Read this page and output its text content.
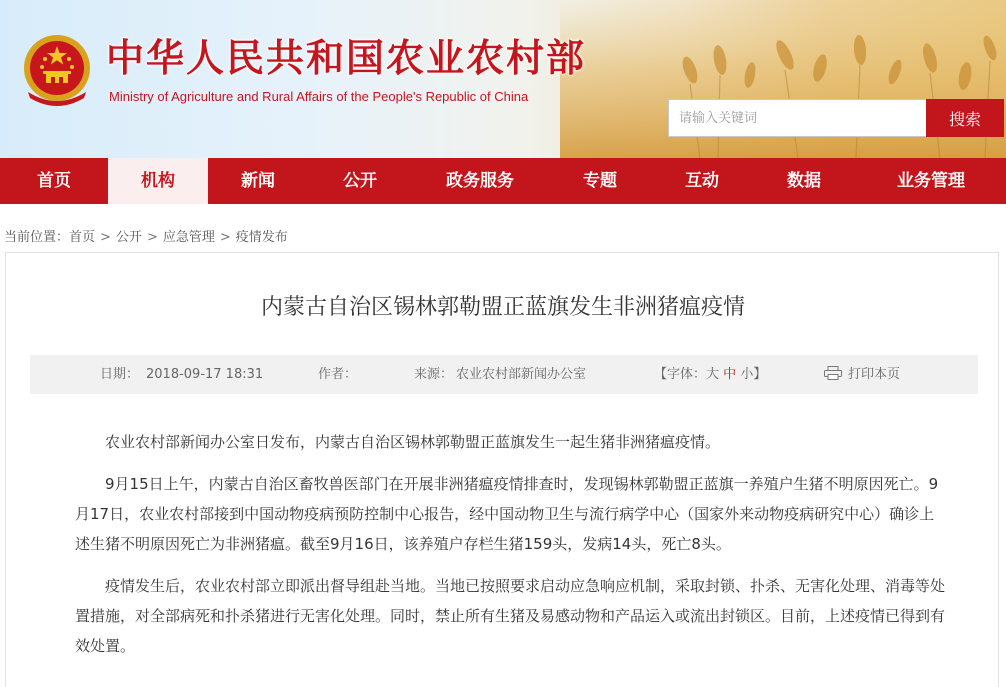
中华人民共和国农业农村部
Ministry of Agriculture and Rural Affairs of the People's Republic of China
请输入关键词
搜索
首页	机构	新闻	公开	政务服务	专题	互动	数据	业务管理
当前位置：首页 > 公开 > 应急管理 > 疫情发布
内蒙古自治区锡林郭勒盟正蓝旗发生非洲猪瘟疫情
日期： 2018-09-17 18:31	作者：	来源： 农业农村部新闻办公室	【字体：大 中 小】	打印本页

农业农村部新闻办公室日发布，内蒙古自治区锡林郭勒盟正蓝旗发生一起生猪非洲猪瘟疫情。

9月15日上午，内蒙古自治区畜牧兽医部门在开展非洲猪瘟疫情排查时，发现锡林郭勒盟正蓝旗一养殖户生猪不明原因死亡。9月17日，农业农村部接到中国动物疫病预防控制中心报告，经中国动物卫生与流行病学中心（国家外来动物疫病研究中心）确诊上述生猪不明原因死亡为非洲猪瘟。截至9月16日，该养殖户存栏生猪159头，发病14头，死亡8头。

疫情发生后，农业农村部立即派出督导组赴当地。当地已按照要求启动应急响应机制，采取封锁、扑杀、无害化处理、消毒等处置措施，对全部病死和扑杀猪进行无害化处理。同时，禁止所有生猪及易感动物和产品运入或流出封锁区。目前，上述疫情已得到有效处置。
